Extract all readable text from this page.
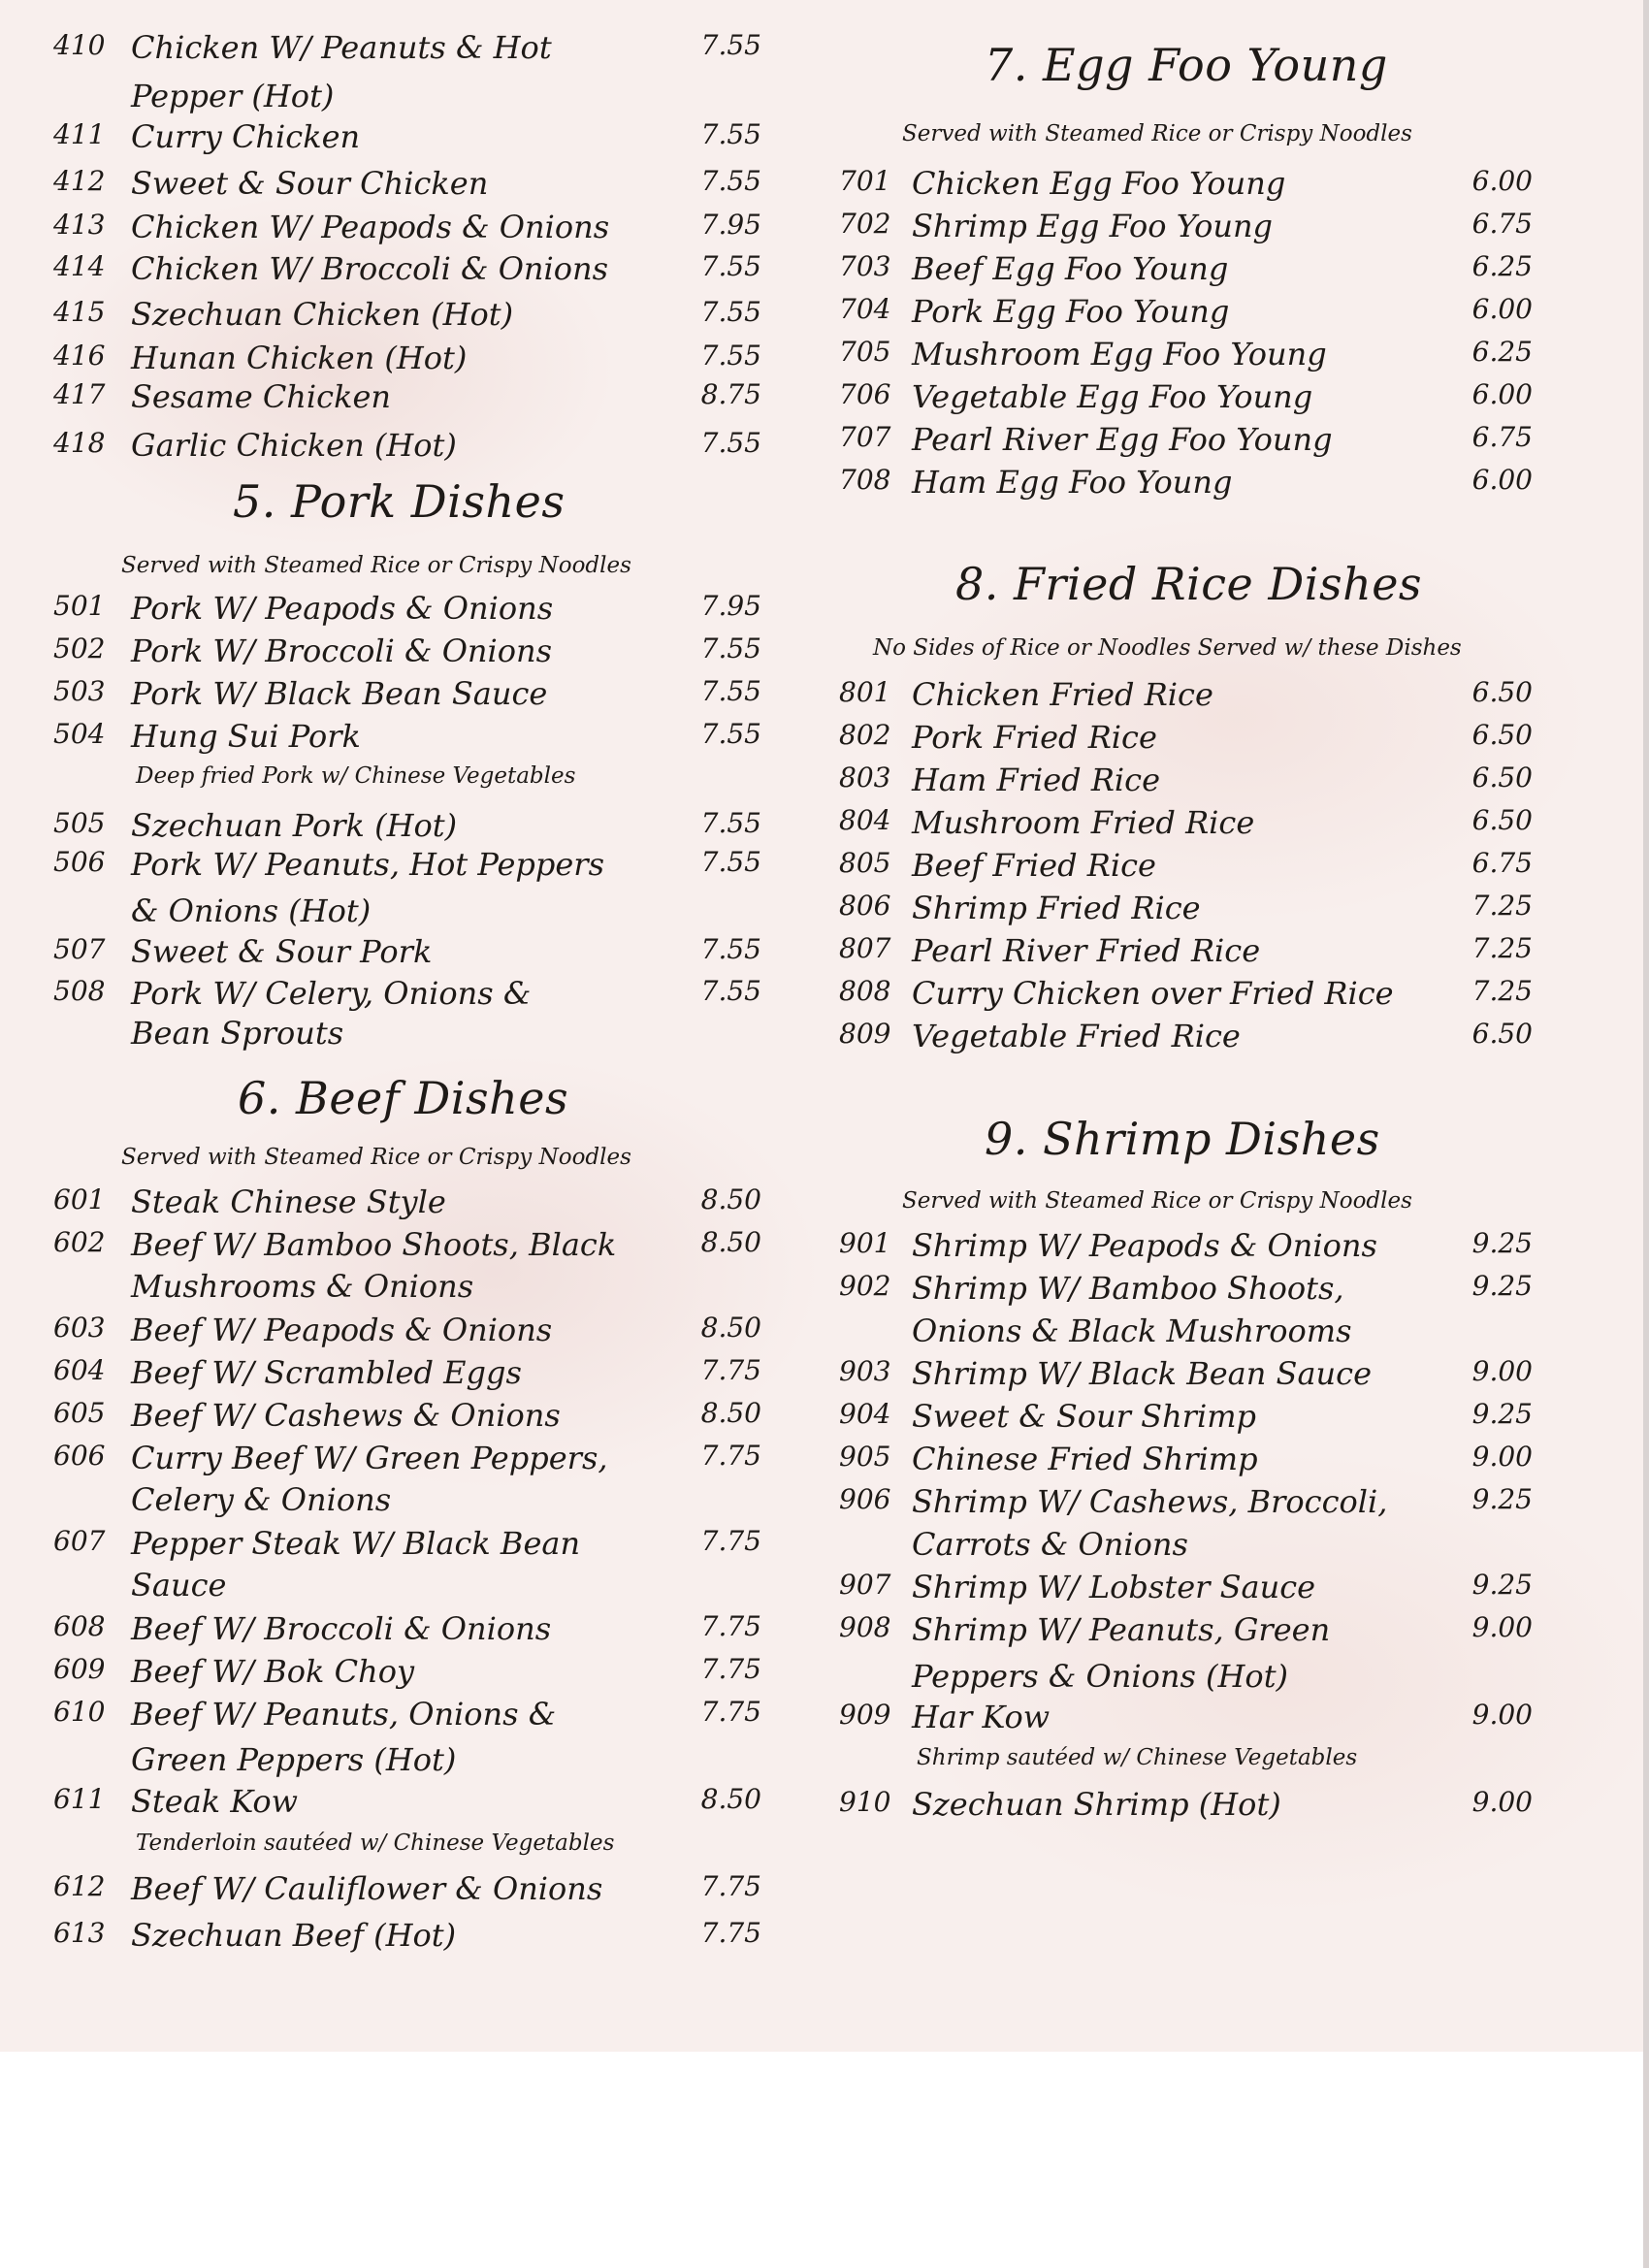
410 Chicken W/ Peanuts & Hot	7.55
Pepper (Hot)
411 Curry Chicken	7.55
412 Sweet & Sour Chicken	7.55
413 Chicken W/ Peapods & Onions	7.95
414 Chicken W/ Broccoli & Onions	7.55
415 Szechuan Chicken (Hot)	7.55
416 Hunan Chicken (Hot)	7.55
417 Sesame Chicken	8.75
418 Garlic Chicken (Hot)	7.55
5. Pork Dishes
Served with Steamed Rice or Crispy Noodles
501 Pork W/ Peapods & Onions	7.95
502 Pork W/ Broccoli & Onions	7.55
503 Pork W/ Black Bean Sauce	7.55
504 Hung Sui Pork	7.55
Deep fried Pork w/ Chinese Vegetables
505 Szechuan Pork (Hot)	7.55
506 Pork W/ Peanuts, Hot Peppers	7.55
& Onions (Hot)
507 Sweet & Sour Pork	7.55
508 Pork W/ Celery, Onions &	7.55
Bean Sprouts
6. Beef Dishes
Served with Steamed Rice or Crispy Noodles
601 Steak Chinese Style	8.50
602 Beef W/ Bamboo Shoots, Black	8.50
Mushrooms & Onions
603 Beef W/ Peapods & Onions	8.50
604 Beef W/ Scrambled Eggs	7.75
605 Beef W/ Cashews & Onions	8.50
606 Curry Beef W/ Green Peppers,	7.75
Celery & Onions
607 Pepper Steak W/ Black Bean	7.75
Sauce
608 Beef W/ Broccoli & Onions	7.75
609 Beef W/ Bok Choy	7.75
610 Beef W/ Peanuts, Onions &	7.75
Green Peppers (Hot)
611 Steak Kow	8.50
Tenderloin sautéed w/ Chinese Vegetables
612 Beef W/ Cauliflower & Onions	7.75
613 Szechuan Beef (Hot)	7.75
7. Egg Foo Young
Served with Steamed Rice or Crispy Noodles
701 Chicken Egg Foo Young	6.00
702 Shrimp Egg Foo Young	6.75
703 Beef Egg Foo Young	6.25
704 Pork Egg Foo Young	6.00
705 Mushroom Egg Foo Young	6.25
706 Vegetable Egg Foo Young	6.00
707 Pearl River Egg Foo Young	6.75
708 Ham Egg Foo Young	6.00
8. Fried Rice Dishes
No Sides of Rice or Noodles Served w/ these Dishes
801 Chicken Fried Rice	6.50
802 Pork Fried Rice	6.50
803 Ham Fried Rice	6.50
804 Mushroom Fried Rice	6.50
805 Beef Fried Rice	6.75
806 Shrimp Fried Rice	7.25
807 Pearl River Fried Rice	7.25
808 Curry Chicken over Fried Rice	7.25
809 Vegetable Fried Rice	6.50
9. Shrimp Dishes
Served with Steamed Rice or Crispy Noodles
901 Shrimp W/ Peapods & Onions	9.25
902 Shrimp W/ Bamboo Shoots,	9.25
Onions & Black Mushrooms
903 Shrimp W/ Black Bean Sauce	9.00
904 Sweet & Sour Shrimp	9.25
905 Chinese Fried Shrimp	9.00
906 Shrimp W/ Cashews, Broccoli,	9.25
Carrots & Onions
907 Shrimp W/ Lobster Sauce	9.25
908 Shrimp W/ Peanuts, Green	9.00
Peppers & Onions (Hot)
909 Har Kow	9.00
Shrimp sautéed w/ Chinese Vegetables
910 Szechuan Shrimp (Hot)	9.00
